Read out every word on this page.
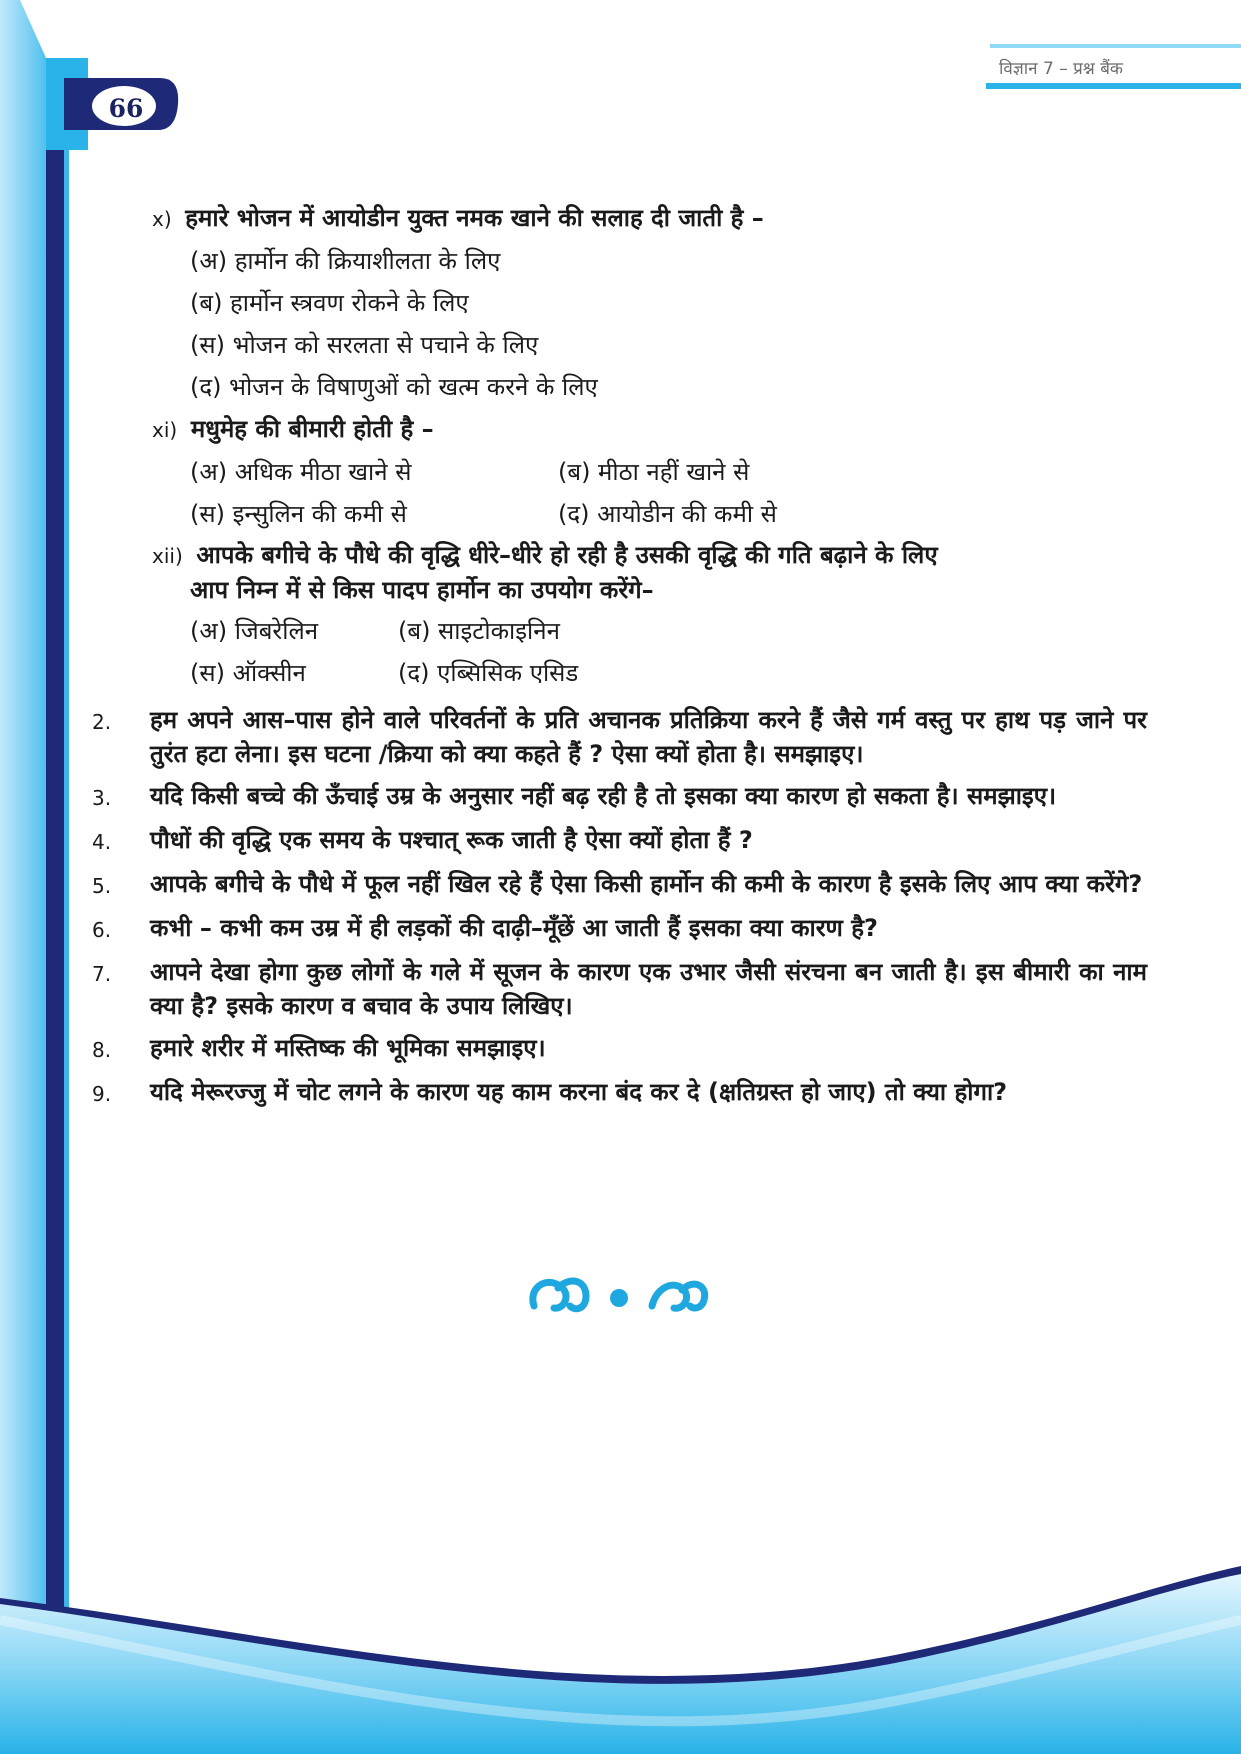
विज्ञान 7 – प्रश्न बैंक
66
x) हमारे भोजन में आयोडीन युक्त नमक खाने की सलाह दी जाती है –
(अ) हार्मोन की क्रियाशीलता के लिए
(ब) हार्मोन स्त्रवण रोकने के लिए
(स) भोजन को सरलता से पचाने के लिए
(द) भोजन के विषाणुओं को खत्म करने के लिए
xi) मधुमेह की बीमारी होती है –
(अ) अधिक मीठा खाने से	(ब) मीठा नहीं खाने से
(स) इन्सुलिन की कमी से	(द) आयोडीन की कमी से
xii) आपके बगीचे के पौधे की वृद्धि धीरे–धीरे हो रही है उसकी वृद्धि की गति बढ़ाने के लिए
आप निम्न में से किस पादप हार्मोन का उपयोग करेंगे–
(अ) जिबरेलिन	(ब) साइटोकाइनिन
(स) ऑक्सीन	(द) एब्सिसिक एसिड
2.	हम अपने आस–पास होने वाले परिवर्तनों के प्रति अचानक प्रतिक्रिया करने हैं जैसे गर्म वस्तु पर हाथ पड़ जाने पर तुरंत हटा लेना। इस घटना /क्रिया को क्या कहते हैं ? ऐसा क्यों होता है। समझाइए।
3.	यदि किसी बच्चे की ऊँचाई उम्र के अनुसार नहीं बढ़ रही है तो इसका क्या कारण हो सकता है। समझाइए।
4.	पौधों की वृद्धि एक समय के पश्चात् रूक जाती है ऐसा क्यों होता हैं ?
5.	आपके बगीचे के पौधे में फूल नहीं खिल रहे हैं ऐसा किसी हार्मोन की कमी के कारण है इसके लिए आप क्या करेंगे?
6.	कभी – कभी कम उम्र में ही लड़कों की दाढ़ी–मूँछें आ जाती हैं इसका क्या कारण है?
7.	आपने देखा होगा कुछ लोगों के गले में सूजन के कारण एक उभार जैसी संरचना बन जाती है। इस बीमारी का नाम क्या है? इसके कारण व बचाव के उपाय लिखिए।
8.	हमारे शरीर में मस्तिष्क की भूमिका समझाइए।
9.	यदि मेरूरज्जु में चोट लगने के कारण यह काम करना बंद कर दे (क्षतिग्रस्त हो जाए) तो क्या होगा?
